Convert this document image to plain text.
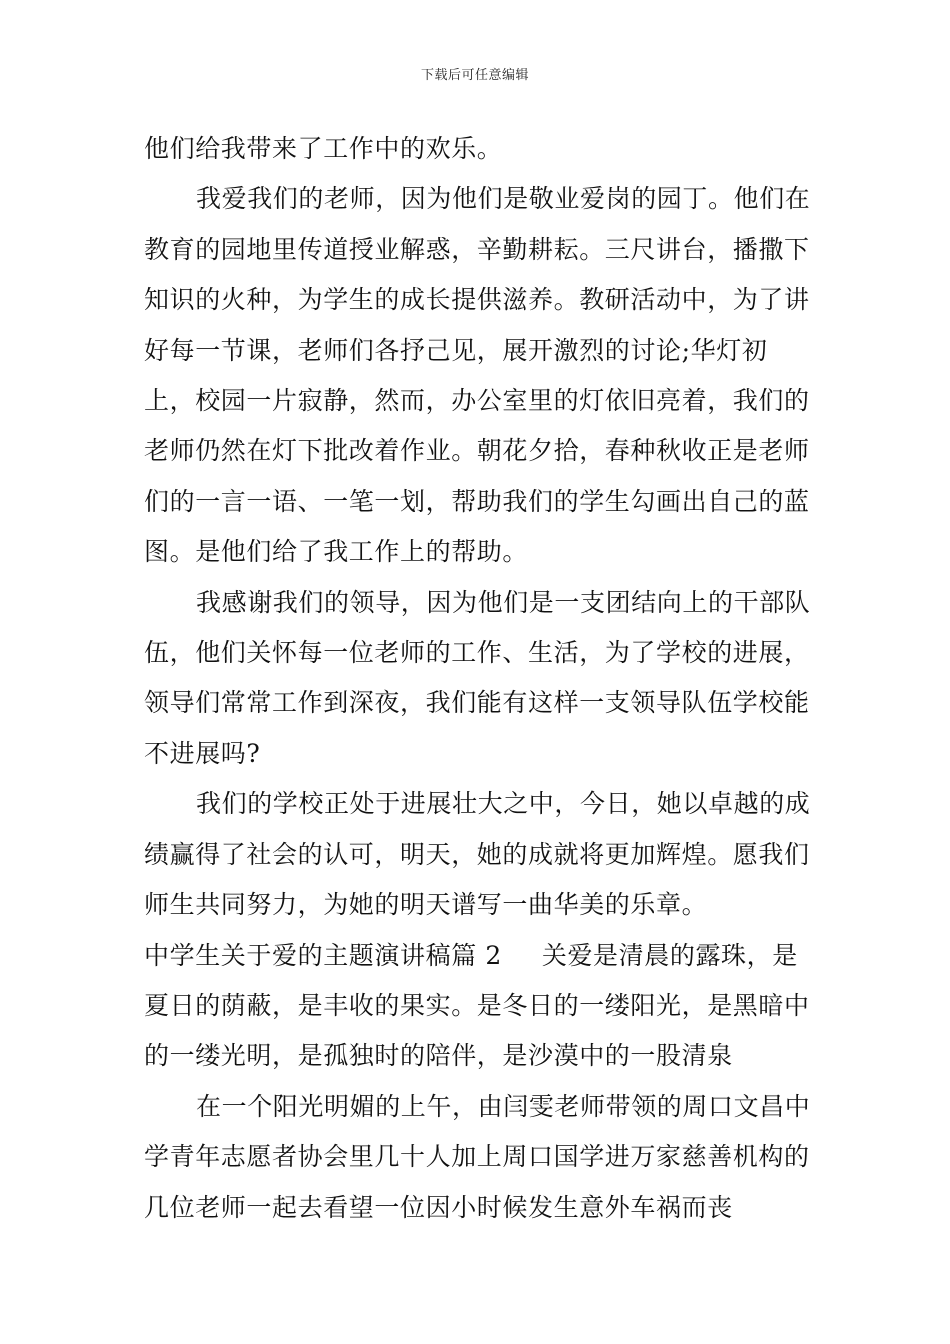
下载后可任意编辑

他们给我带来了工作中的欢乐。

我爱我们的老师，因为他们是敬业爱岗的园丁。他们在教育的园地里传道授业解惑，辛勤耕耘。三尺讲台，播撒下知识的火种，为学生的成长提供滋养。教研活动中，为了讲好每一节课，老师们各抒己见，展开激烈的讨论;华灯初上，校园一片寂静，然而，办公室里的灯依旧亮着，我们的老师仍然在灯下批改着作业。朝花夕拾，春种秋收正是老师们的一言一语、一笔一划，帮助我们的学生勾画出自己的蓝图。是他们给了我工作上的帮助。

我感谢我们的领导，因为他们是一支团结向上的干部队伍，他们关怀每一位老师的工作、生活，为了学校的进展，领导们常常工作到深夜，我们能有这样一支领导队伍学校能不进展吗?

我们的学校正处于进展壮大之中，今日，她以卓越的成绩赢得了社会的认可，明天，她的成就将更加辉煌。愿我们师生共同努力，为她的明天谱写一曲华美的乐章。

中学生关于爱的主题演讲稿篇 2 关爱是清晨的露珠，是夏日的荫蔽，是丰收的果实。是冬日的一缕阳光，是黑暗中的一缕光明，是孤独时的陪伴，是沙漠中的一股清泉

在一个阳光明媚的上午，由闫雯老师带领的周口文昌中学青年志愿者协会里几十人加上周口国学进万家慈善机构的几位老师一起去看望一位因小时候发生意外车祸而丧
